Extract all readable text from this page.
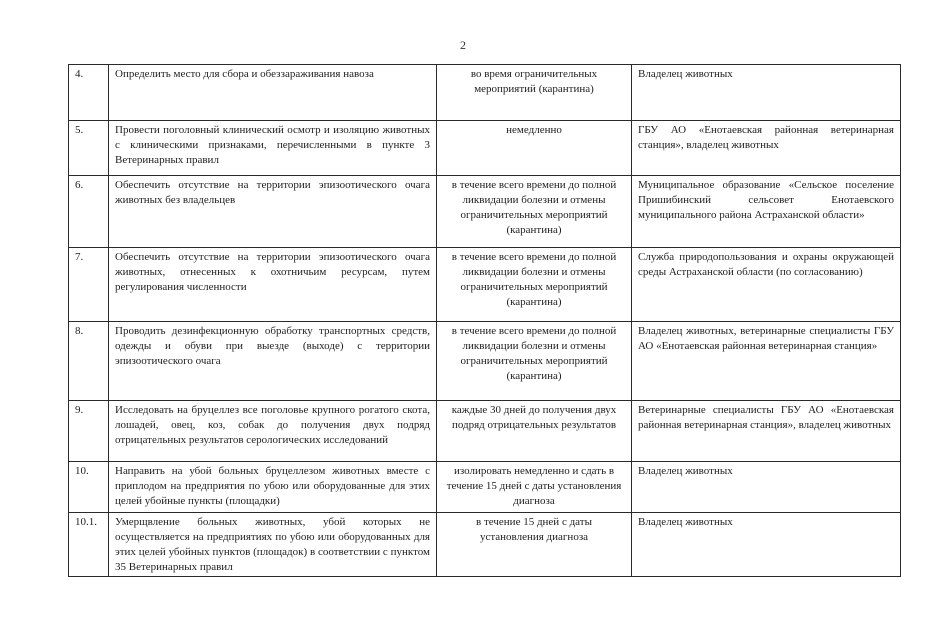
2
4.	Определить место для сбора и обеззараживания навоза	во время ограничительных мероприятий (карантина)	Владелец животных
5.	Провести поголовный клинический осмотр и изоляцию животных с клиническими признаками, перечисленными в пункте 3 Ветеринарных правил	немедленно	ГБУ АО «Енотаевская районная ветеринарная станция», владелец животных
6.	Обеспечить отсутствие на территории эпизоотического очага животных без владельцев	в течение всего времени до полной ликвидации болезни и отмены ограничительных мероприятий (карантина)	Муниципальное образование «Сельское поселение Пришибинский сельсовет Енотаевского муниципального района Астраханской области»
7.	Обеспечить отсутствие на территории эпизоотического очага животных, отнесенных к охотничьим ресурсам, путем регулирования численности	в течение всего времени до полной ликвидации болезни и отмены ограничительных мероприятий (карантина)	Служба природопользования и охраны окружающей среды Астраханской области (по согласованию)
8.	Проводить дезинфекционную обработку транспортных средств, одежды и обуви при выезде (выходе) с территории эпизоотического очага	в течение всего времени до полной ликвидации болезни и отмены ограничительных мероприятий (карантина)	Владелец животных, ветеринарные специалисты ГБУ АО «Енотаевская районная ветеринарная станция»
9.	Исследовать на бруцеллез все поголовье крупного рогатого скота, лошадей, овец, коз, собак до получения двух подряд отрицательных результатов серологических исследований	каждые 30 дней до получения двух подряд отрицательных результатов	Ветеринарные специалисты ГБУ АО «Енотаевская районная ветеринарная станция», владелец животных
10.	Направить на убой больных бруцеллезом животных вместе с приплодом на предприятия по убою или оборудованные для этих целей убойные пункты (площадки)	изолировать немедленно и сдать в течение 15 дней с даты установления диагноза	Владелец животных
10.1.	Умерщвление больных животных, убой которых не осуществляется на предприятиях по убою или оборудованных для этих целей убойных пунктов (площадок) в соответствии с пунктом 35 Ветеринарных правил	в течение 15 дней с даты установления диагноза	Владелец животных
